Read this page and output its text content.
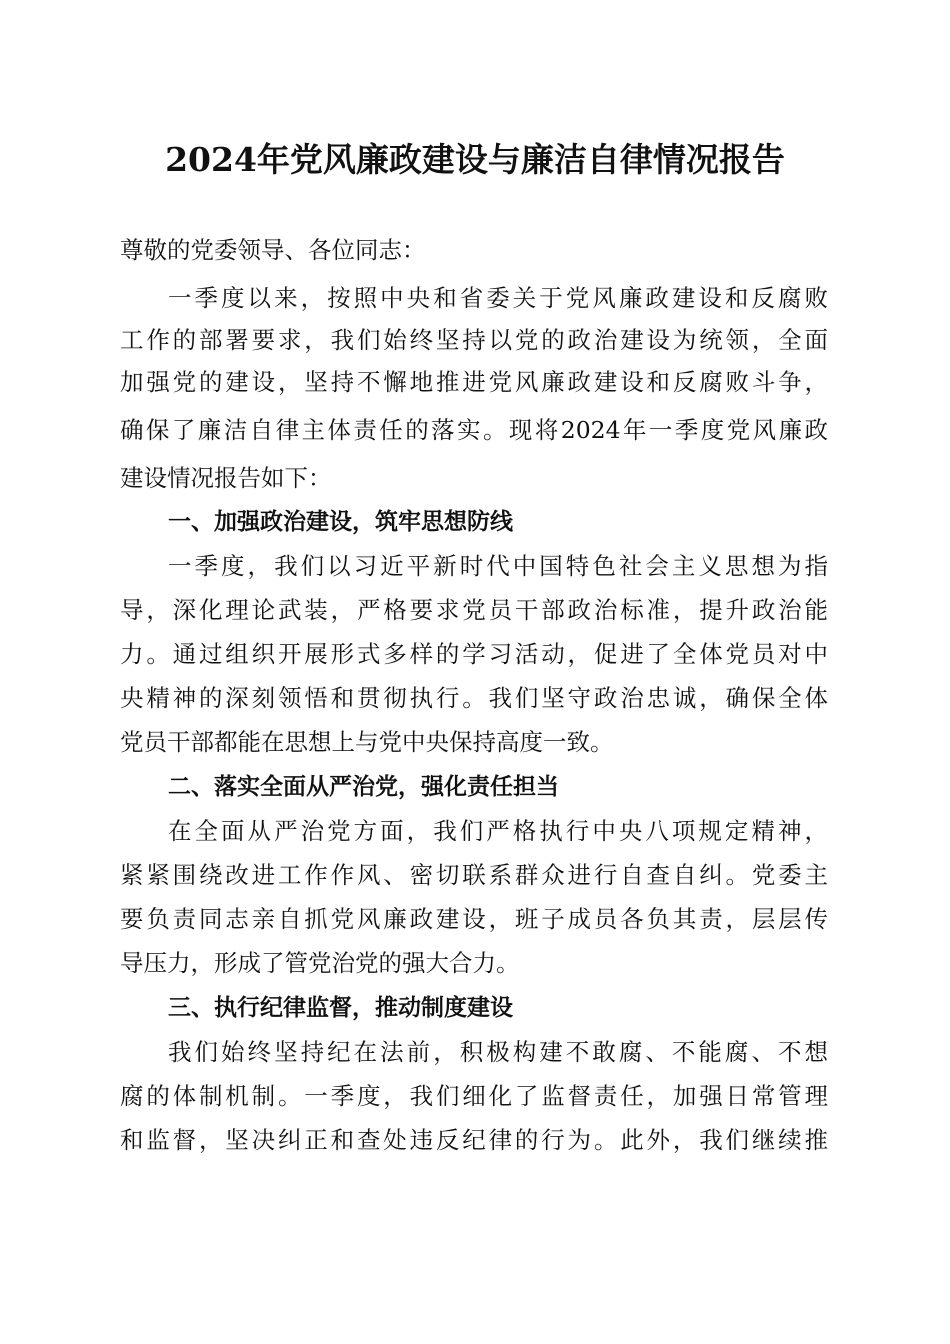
2024年党风廉政建设与廉洁自律情况报告

尊敬的党委领导、各位同志：

一季度以来，按照中央和省委关于党风廉政建设和反腐败

工作的部署要求，我们始终坚持以党的政治建设为统领，全面

加强党的建设，坚持不懈地推进党风廉政建设和反腐败斗争，

确保了廉洁自律主体责任的落实。现将2024年一季度党风廉政

建设情况报告如下：

一、加强政治建设，筑牢思想防线

一季度，我们以习近平新时代中国特色社会主义思想为指

导，深化理论武装，严格要求党员干部政治标准，提升政治能

力。通过组织开展形式多样的学习活动，促进了全体党员对中

央精神的深刻领悟和贯彻执行。我们坚守政治忠诚，确保全体

党员干部都能在思想上与党中央保持高度一致。

二、落实全面从严治党，强化责任担当

在全面从严治党方面，我们严格执行中央八项规定精神，

紧紧围绕改进工作作风、密切联系群众进行自查自纠。党委主

要负责同志亲自抓党风廉政建设，班子成员各负其责，层层传

导压力，形成了管党治党的强大合力。

三、执行纪律监督，推动制度建设

我们始终坚持纪在法前，积极构建不敢腐、不能腐、不想

腐的体制机制。一季度，我们细化了监督责任，加强日常管理

和监督，坚决纠正和查处违反纪律的行为。此外，我们继续推
